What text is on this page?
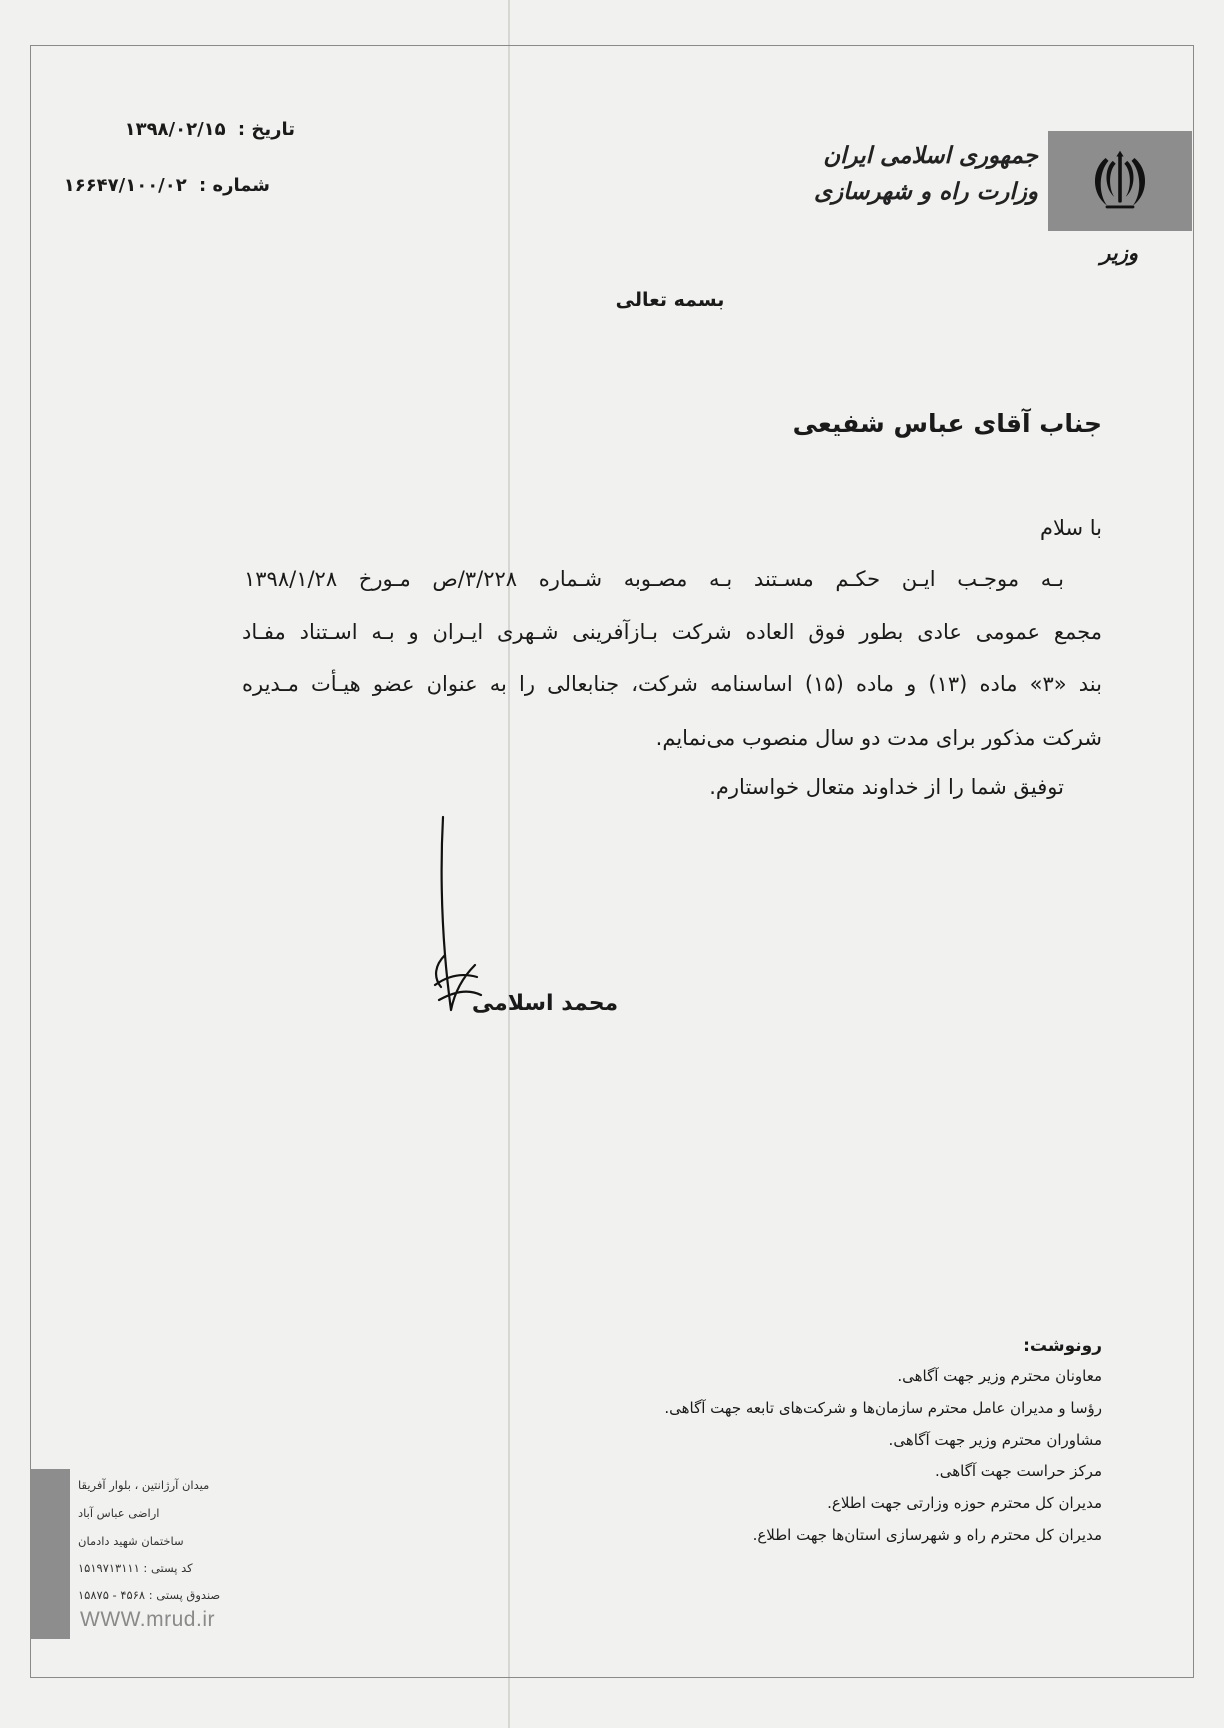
جمهوری اسلامی ایران
وزارت راه و شهرسازی
وزیر
تاریخ : ۱۳۹۸/۰۲/۱۵
شماره : ۱۶۶۴۷/۱۰۰/۰۲
بسمه تعالی
جناب آقای عباس شفیعی
با سلام
بـه موجـب ایـن حکـم مسـتند بـه مصـوبه شـماره ۳/۲۲۸/ص مـورخ ۱۳۹۸/۱/۲۸
مجمع عمومی عادی بطور فوق العاده شرکت بـازآفرینی شـهری ایـران و بـه اسـتناد مفـاد
بند «۳» ماده (۱۳) و ماده (۱۵) اساسنامه شرکت، جنابعالی را به عنوان عضو هیـأت مـدیره
شرکت مذکور برای مدت دو سال منصوب می‌نمایم.
توفیق شما را از خداوند متعال خواستارم.
محمد اسلامی
رونوشت:
معاونان محترم وزیر جهت آگاهی.
رؤسا و مدیران عامل محترم سازمان‌ها و شرکت‌های تابعه جهت آگاهی.
مشاوران محترم وزیر جهت آگاهی.
مرکز حراست جهت آگاهی.
مدیران کل محترم حوزه وزارتی جهت اطلاع.
مدیران کل محترم راه و شهرسازی استان‌ها جهت اطلاع.
میدان آرژانتین ، بلوار آفریقا
اراضی عباس آباد
ساختمان شهید دادمان
کد پستی : ۱۵۱۹۷۱۳۱۱۱
صندوق پستی : ۴۵۶۸ - ۱۵۸۷۵
WWW.mrud.ir
